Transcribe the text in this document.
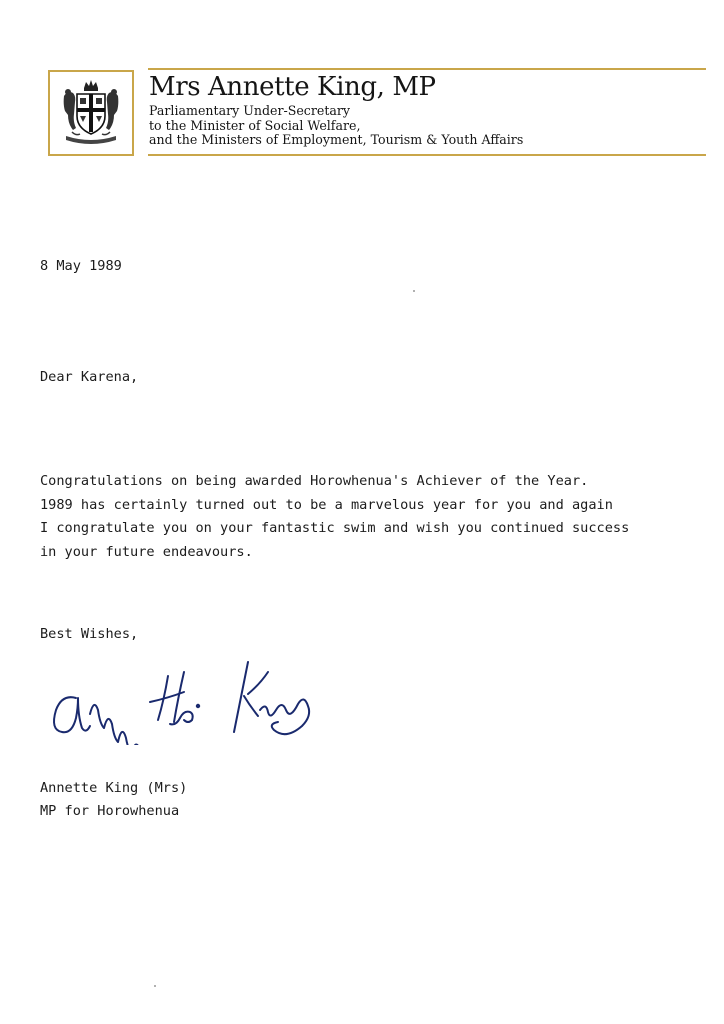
Mrs Annette King, MP
Parliamentary Under-Secretary
to the Minister of Social Welfare,
and the Ministers of Employment, Tourism & Youth Affairs
8 May 1989
Dear Karena,
Congratulations on being awarded Horowhenua's Achiever of the Year.
1989 has certainly turned out to be a marvelous year for you and again
I congratulate you on your fantastic swim and wish you continued success
in your future endeavours.
Best Wishes,
Annette King (Mrs)
MP for Horowhenua
